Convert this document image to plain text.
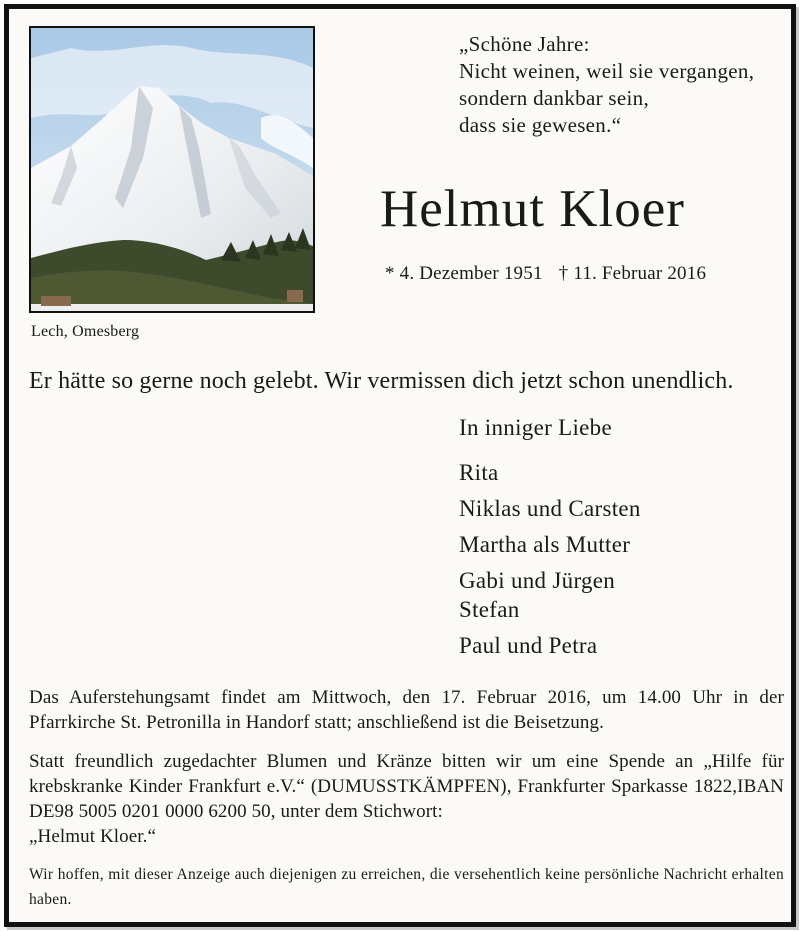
Lech, Omesberg
„Schöne Jahre:
Nicht weinen, weil sie vergangen,
sondern dankbar sein,
dass sie gewesen.“
Helmut Kloer
* 4. Dezember 1951 † 11. Februar 2016
Er hätte so gerne noch gelebt. Wir vermissen dich jetzt schon unendlich.
In inniger Liebe
Rita
Niklas und Carsten
Martha als Mutter
Gabi und Jürgen
Stefan
Paul und Petra
Das Auferstehungsamt findet am Mittwoch, den 17. Februar 2016, um 14.00 Uhr in der Pfarrkirche St. Petronilla in Handorf statt; anschließend ist die Beisetzung.
Statt freundlich zugedachter Blumen und Kränze bitten wir um eine Spende an „Hilfe für krebskranke Kinder Frankfurt e.V.“ (DUMUSSTKÄMPFEN), Frankfurter Sparkasse 1822,IBAN DE98 5005 0201 0000 6200 50, unter dem Stichwort:
„Helmut Kloer.“
Wir hoffen, mit dieser Anzeige auch diejenigen zu erreichen, die versehentlich keine persönliche Nachricht erhalten haben.
